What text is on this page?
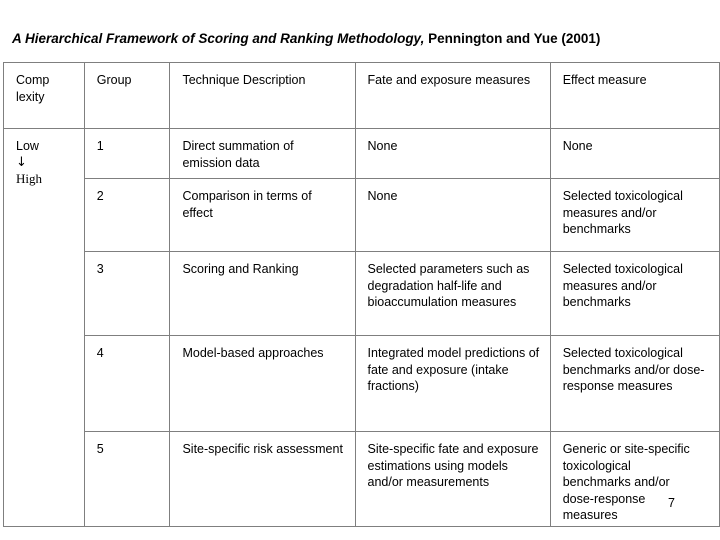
A Hierarchical Framework of Scoring and Ranking Methodology, Pennington and Yue (2001)
Comp lexity	Group	Technique Description	Fate and exposure measures	Effect measure

Low
↓
High	1	Direct summation of emission data	None	None
	2	Comparison in terms of effect	None	Selected toxicological measures and/or benchmarks
	3	Scoring and Ranking	Selected parameters such as degradation half-life and bioaccumulation measures	Selected toxicological measures and/or benchmarks
	4	Model-based approaches	Integrated model predictions of fate and exposure (intake fractions)	Selected toxicological benchmarks and/or dose-response measures
	5	Site-specific risk assessment	Site-specific fate and exposure estimations using models and/or measurements	Generic or site-specific toxicological benchmarks and/or dose-response measures
7
